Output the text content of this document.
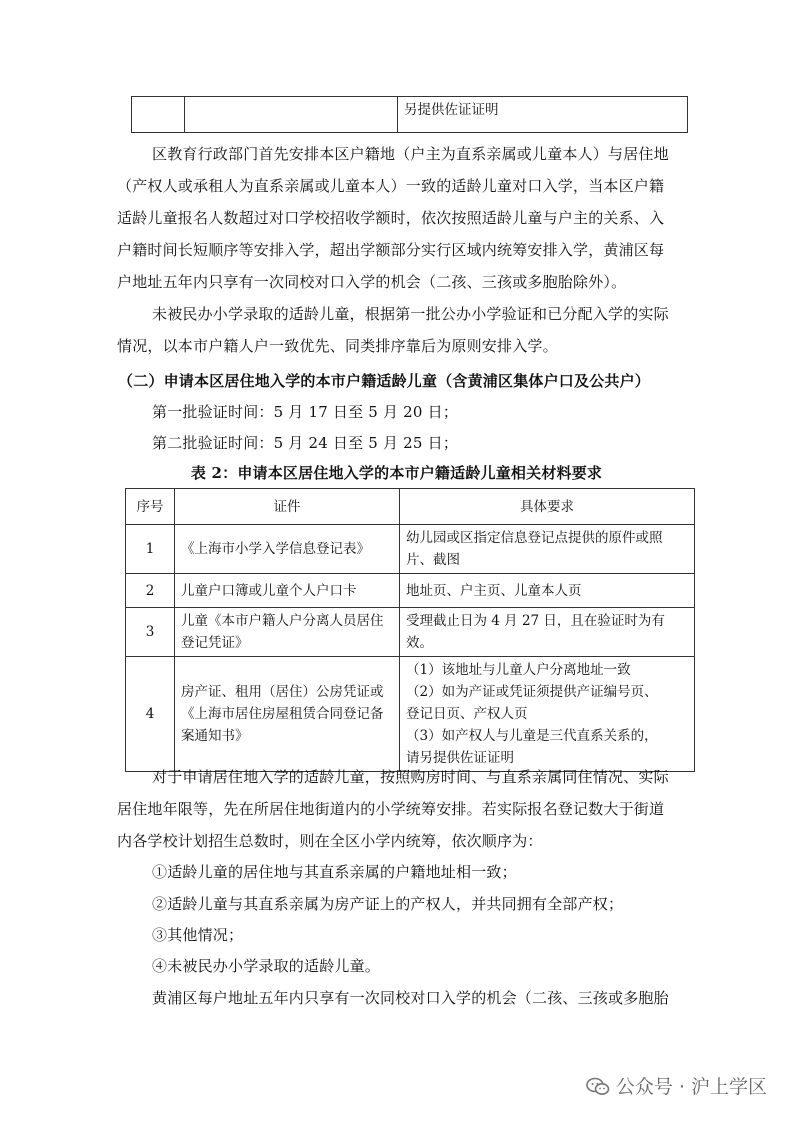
		另提供佐证证明
区教育行政部门首先安排本区户籍地（户主为直系亲属或儿童本人）与居住地
（产权人或承租人为直系亲属或儿童本人）一致的适龄儿童对口入学，当本区户籍
适龄儿童报名人数超过对口学校招收学额时，依次按照适龄儿童与户主的关系、入
户籍时间长短顺序等安排入学，超出学额部分实行区域内统筹安排入学，黄浦区每
户地址五年内只享有一次同校对口入学的机会（二孩、三孩或多胞胎除外）。
未被民办小学录取的适龄儿童，根据第一批公办小学验证和已分配入学的实际
情况，以本市户籍人户一致优先、同类排序靠后为原则安排入学。
（二）申请本区居住地入学的本市户籍适龄儿童（含黄浦区集体户口及公共户）
第一批验证时间：5 月 17 日至 5 月 20 日；
第二批验证时间：5 月 24 日至 5 月 25 日；
表 2：申请本区居住地入学的本市户籍适龄儿童相关材料要求
序号	证件	具体要求
1	《上海市小学入学信息登记表》	幼儿园或区指定信息登记点提供的原件或照
片、截图

2	儿童户口簿或儿童个人户口卡	地址页、户主页、儿童本人页

3	儿童《本市户籍人户分离人员居住登记凭证》	受理截止日为 4 月 27 日，且在验证时为有效。

4	房产证、租用（居住）公房凭证或《上海市居住房屋租赁合同登记备案通知书》	（1）该地址与儿童人户分离地址一致
（2）如为产证或凭证须提供产证编号页、
登记日页、产权人页
（3）如产权人与儿童是三代直系关系的，
请另提供佐证证明
对于申请居住地入学的适龄儿童，按照购房时间、与直系亲属同住情况、实际
居住地年限等，先在所居住地街道内的小学统筹安排。若实际报名登记数大于街道
内各学校计划招生总数时，则在全区小学内统筹，依次顺序为：
①适龄儿童的居住地与其直系亲属的户籍地址相一致；
②适龄儿童与其直系亲属为房产证上的产权人，并共同拥有全部产权；
③其他情况；
④未被民办小学录取的适龄儿童。
黄浦区每户地址五年内只享有一次同校对口入学的机会（二孩、三孩或多胞胎
公众号 · 沪上学区
